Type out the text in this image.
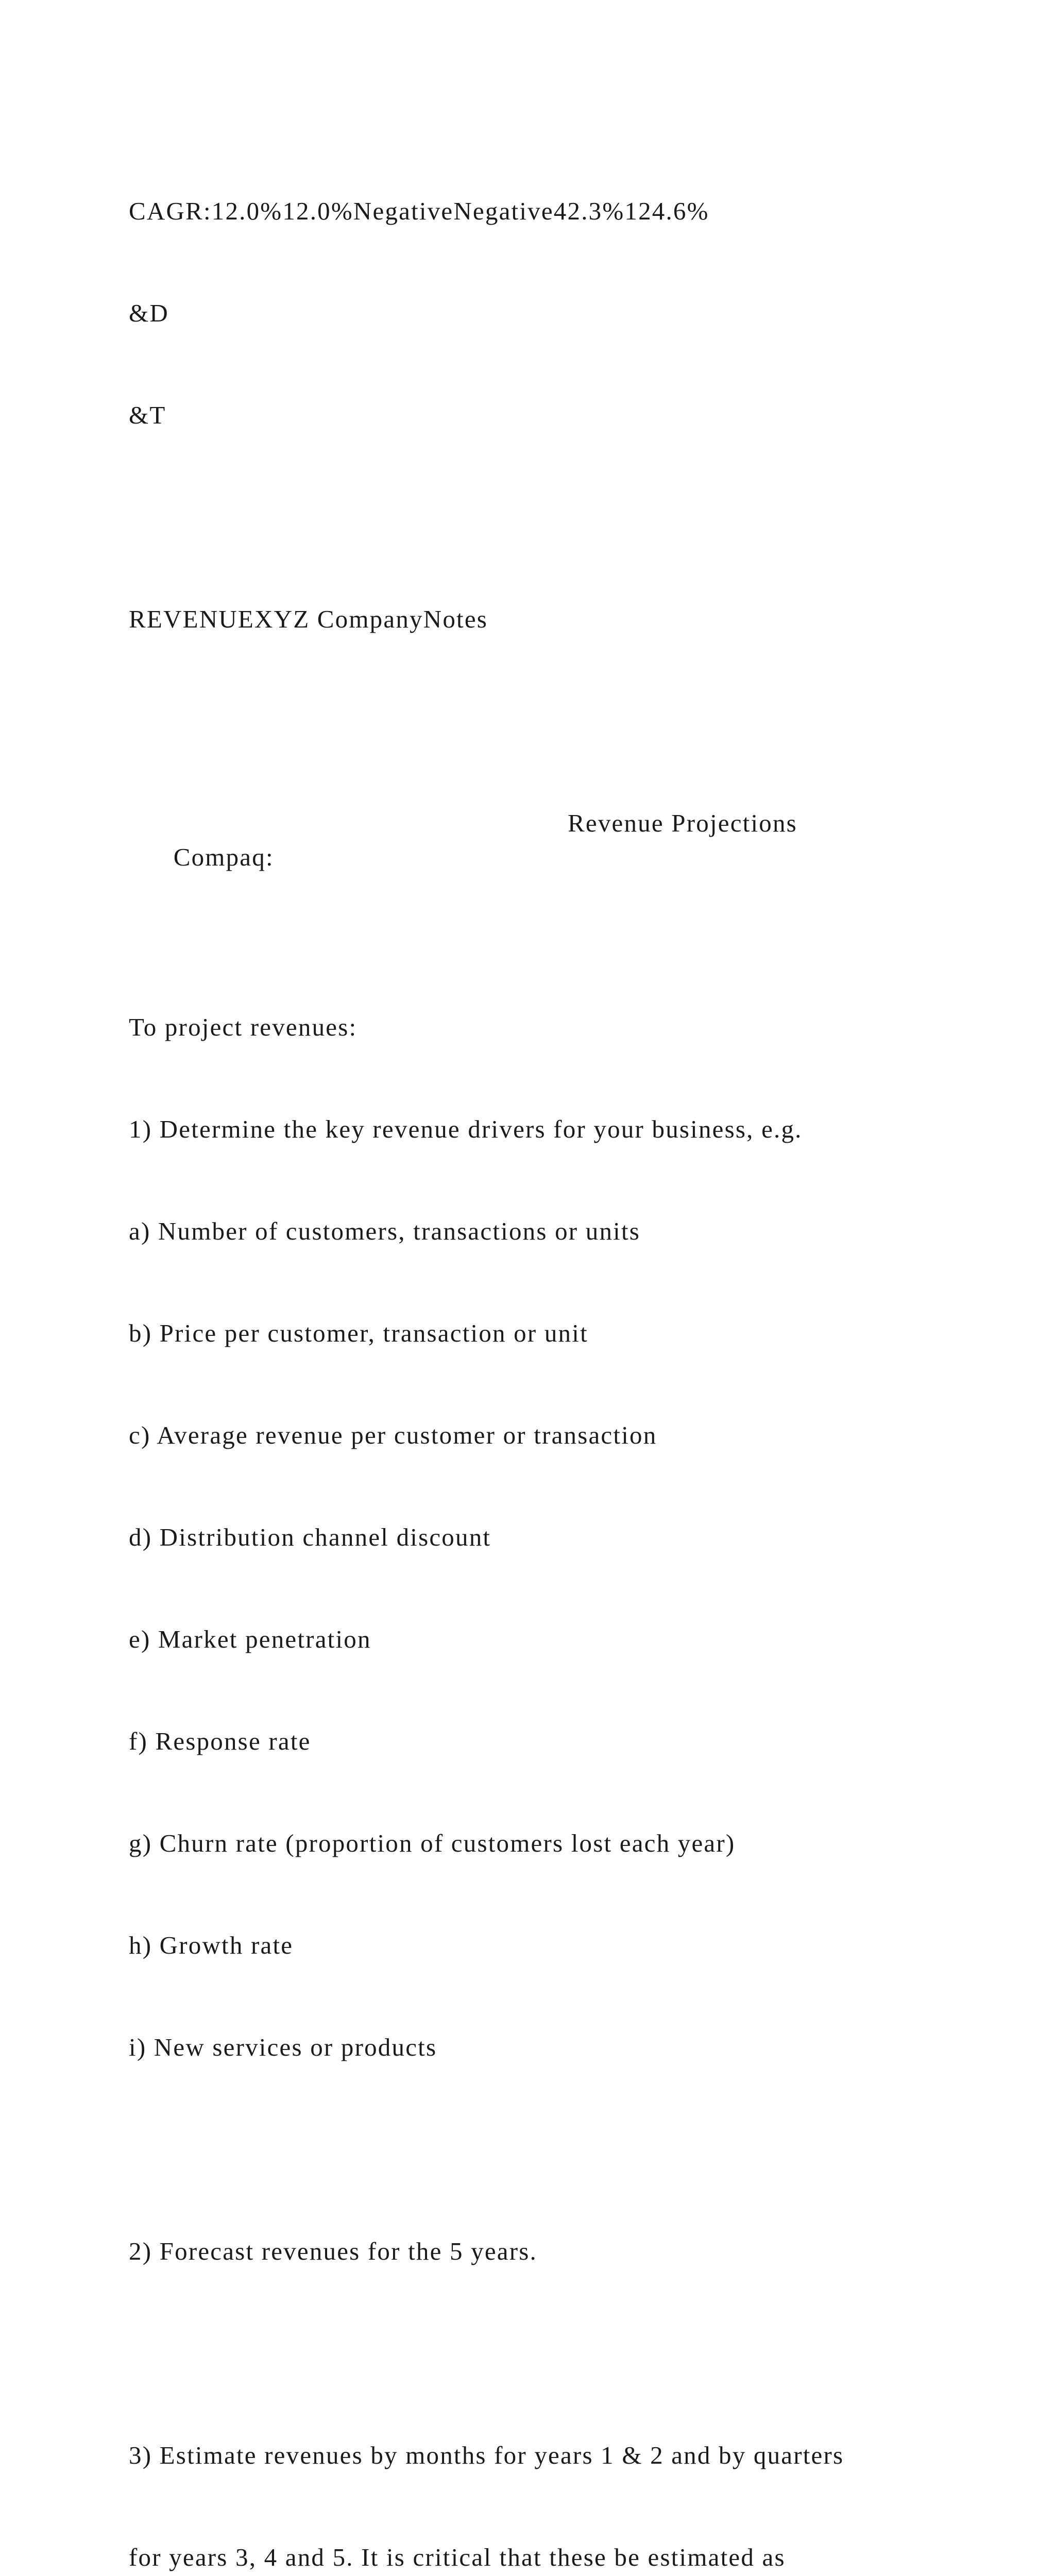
CAGR:12.0%12.0%NegativeNegative42.3%124.6%

&D

&T

REVENUEXYZ CompanyNotes

Compaq:

Revenue Projections

To project revenues:

1) Determine the key revenue drivers for your business, e.g.

a) Number of customers, transactions or units

b) Price per customer, transaction or unit

c) Average revenue per customer or transaction

d) Distribution channel discount

e) Market penetration

f) Response rate

g) Churn rate (proportion of customers lost each year)

h) Growth rate

i) New services or products

2) Forecast revenues for the 5 years.

3) Estimate revenues by months for years 1 & 2 and by quarters

for years 3, 4 and 5. It is critical that these be estimated as
